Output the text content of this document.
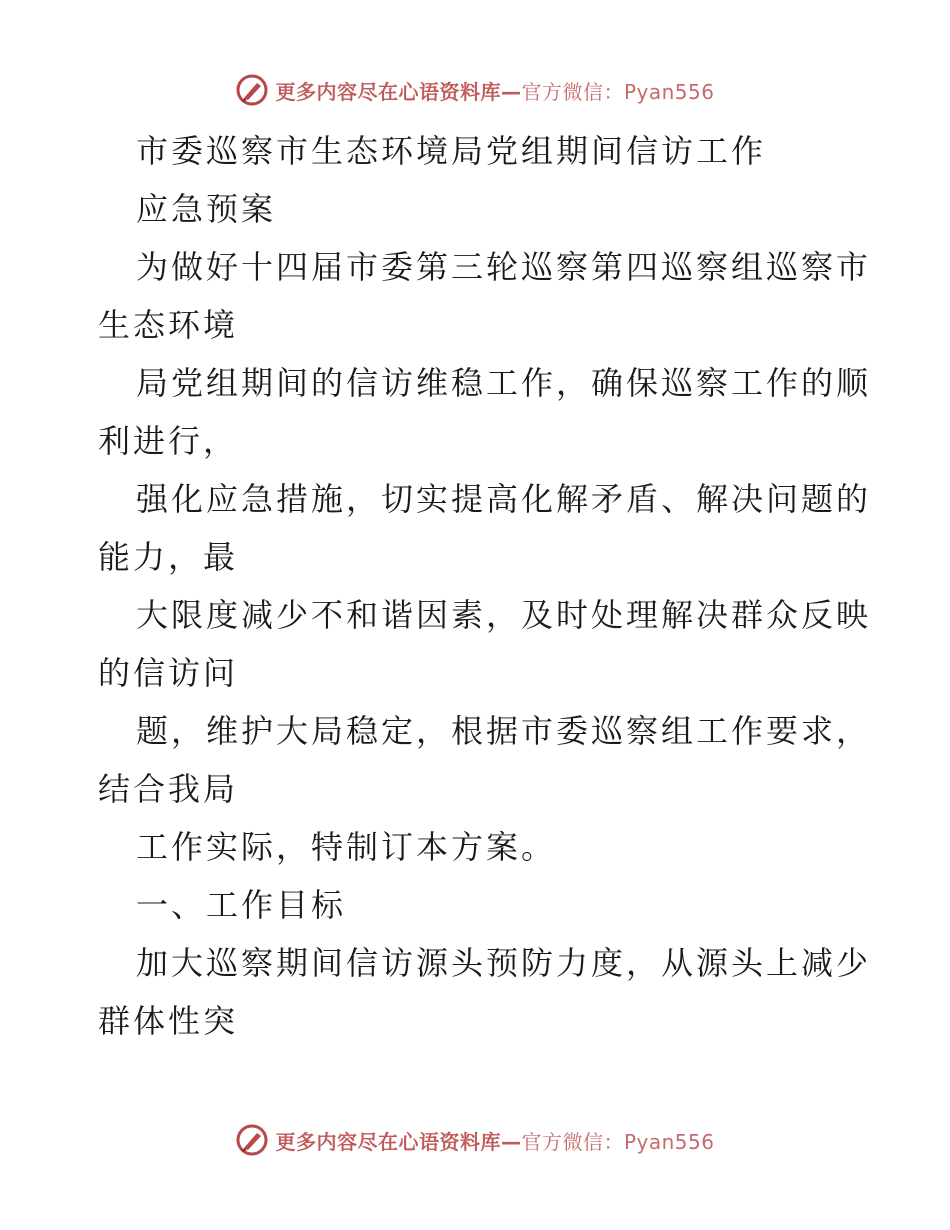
更多内容尽在心语资料库—官方微信：Pyan556
市委巡察市生态环境局党组期间信访工作
应急预案
为做好十四届市委第三轮巡察第四巡察组巡察市
生态环境
局党组期间的信访维稳工作，确保巡察工作的顺
利进行，
强化应急措施，切实提高化解矛盾、解决问题的
能力，最
大限度减少不和谐因素，及时处理解决群众反映
的信访问
题，维护大局稳定，根据市委巡察组工作要求，
结合我局
工作实际，特制订本方案。
一、工作目标
加大巡察期间信访源头预防力度，从源头上减少
群体性突
更多内容尽在心语资料库—官方微信：Pyan556
